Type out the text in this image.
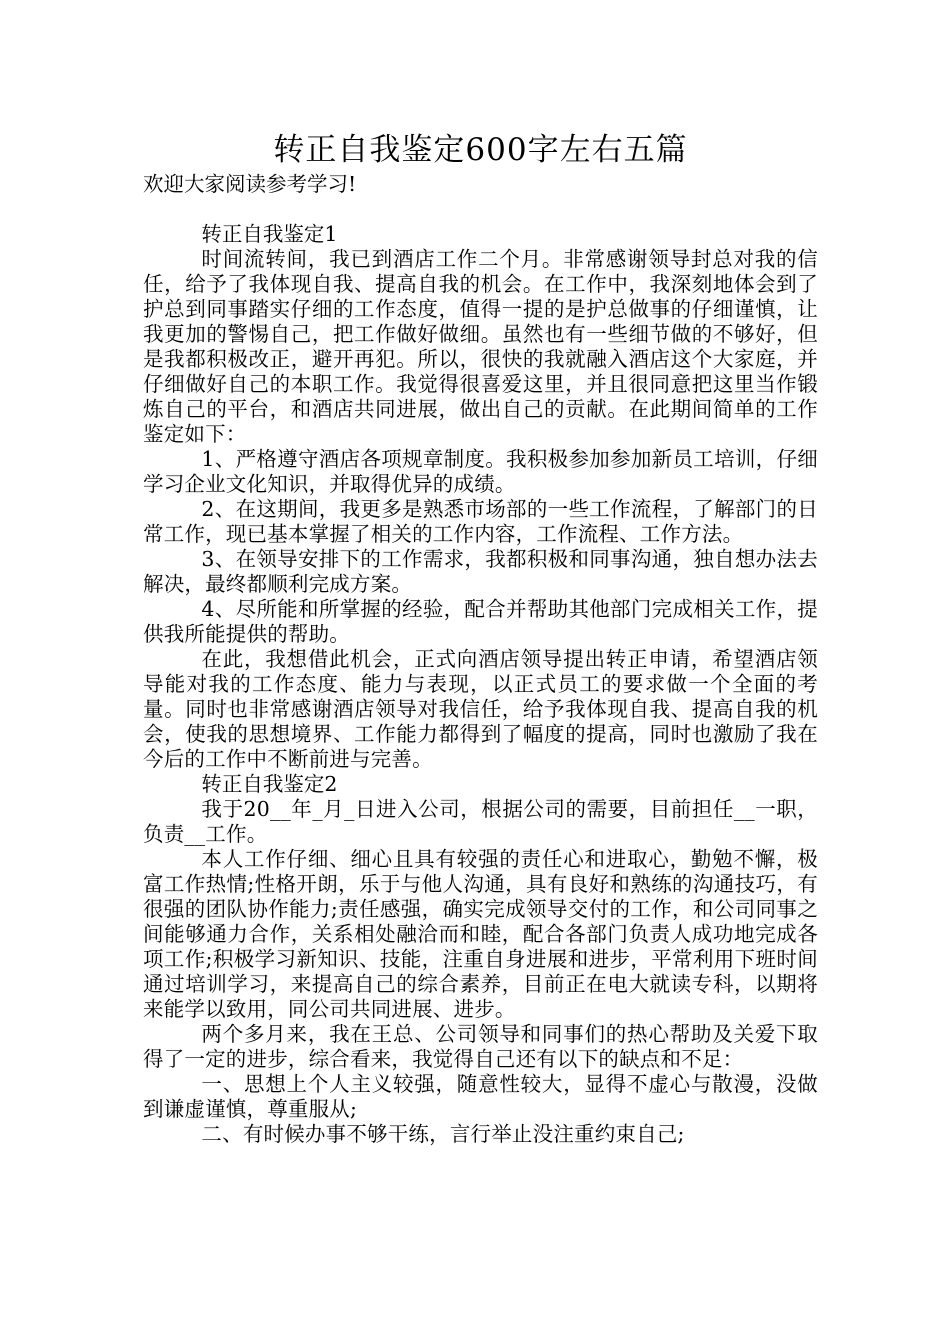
转正自我鉴定600字左右五篇

欢迎大家阅读参考学习!

转正自我鉴定1

时间流转间，我已到酒店工作二个月。非常感谢领导封总对我的信任，给予了我体现自我、提高自我的机会。在工作中，我深刻地体会到了护总到同事踏实仔细的工作态度，值得一提的是护总做事的仔细谨慎，让我更加的警惕自己，把工作做好做细。虽然也有一些细节做的不够好，但是我都积极改正，避开再犯。所以，很快的我就融入酒店这个大家庭，并仔细做好自己的本职工作。我觉得很喜爱这里，并且很同意把这里当作锻炼自己的平台，和酒店共同进展，做出自己的贡献。在此期间简单的工作鉴定如下：

1、严格遵守酒店各项规章制度。我积极参加参加新员工培训，仔细学习企业文化知识，并取得优异的成绩。

2、在这期间，我更多是熟悉市场部的一些工作流程，了解部门的日常工作，现已基本掌握了相关的工作内容，工作流程、工作方法。

3、在领导安排下的工作需求，我都积极和同事沟通，独自想办法去解决，最终都顺利完成方案。

4、尽所能和所掌握的经验，配合并帮助其他部门完成相关工作，提供我所能提供的帮助。

在此，我想借此机会，正式向酒店领导提出转正申请，希望酒店领导能对我的工作态度、能力与表现，以正式员工的要求做一个全面的考量。同时也非常感谢酒店领导对我信任，给予我体现自我、提高自我的机会，使我的思想境界、工作能力都得到了幅度的提高，同时也激励了我在今后的工作中不断前进与完善。

转正自我鉴定2

我于20__年_月_日进入公司，根据公司的需要，目前担任__一职，负责__工作。

本人工作仔细、细心且具有较强的责任心和进取心，勤勉不懈，极富工作热情;性格开朗，乐于与他人沟通，具有良好和熟练的沟通技巧，有很强的团队协作能力;责任感强，确实完成领导交付的工作，和公司同事之间能够通力合作，关系相处融洽而和睦，配合各部门负责人成功地完成各项工作;积极学习新知识、技能，注重自身进展和进步，平常利用下班时间通过培训学习，来提高自己的综合素养，目前正在电大就读专科，以期将来能学以致用，同公司共同进展、进步。

两个多月来，我在王总、公司领导和同事们的热心帮助及关爱下取得了一定的进步，综合看来，我觉得自己还有以下的缺点和不足：

一、思想上个人主义较强，随意性较大，显得不虚心与散漫，没做到谦虚谨慎，尊重服从;

二、有时候办事不够干练，言行举止没注重约束自己;
